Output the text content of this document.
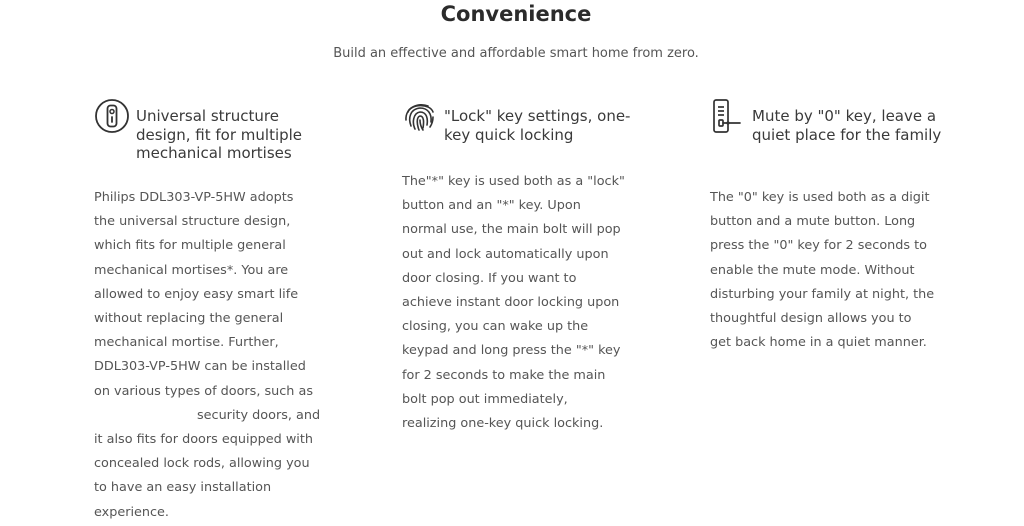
Convenience
Build an effective and affordable smart home from zero.
Universal structure design, fit for multiple mechanical mortises
Philips DDL303-VP-5HW adopts
the universal structure design,
which fits for multiple general
mechanical mortises*. You are
allowed to enjoy easy smart life
without replacing the general
mechanical mortise. Further,
DDL303-VP-5HW can be installed
on various types of doors, such as
security doors, and
it also fits for doors equipped with
concealed lock rods, allowing you
to have an easy installation
experience.
"Lock" key settings, one-key quick locking
The"*" key is used both as a "lock"
button and an "*" key. Upon
normal use, the main bolt will pop
out and lock automatically upon
door closing. If you want to
achieve instant door locking upon
closing, you can wake up the
keypad and long press the "*" key
for 2 seconds to make the main
bolt pop out immediately,
realizing one-key quick locking.
Mute by "0" key, leave a quiet place for the family
The "0" key is used both as a digit
button and a mute button. Long
press the "0" key for 2 seconds to
enable the mute mode. Without
disturbing your family at night, the
thoughtful design allows you to
get back home in a quiet manner.
